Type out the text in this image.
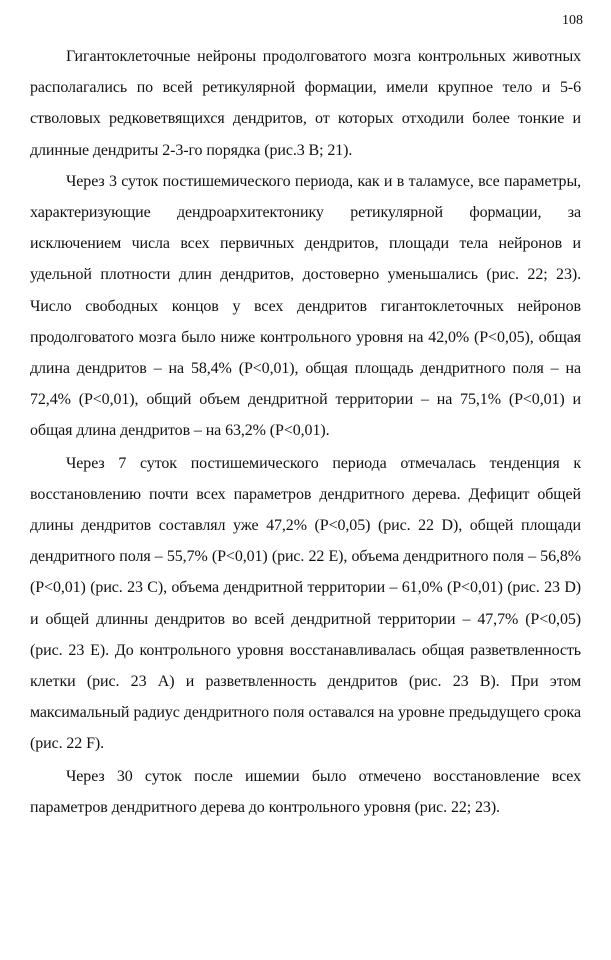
108

Гигантоклеточные нейроны продолговатого мозга контрольных животных располагались по всей ретикулярной формации, имели крупное тело и 5-6 стволовых редковетвящихся дендритов, от которых отходили более тонкие и длинные дендриты 2-3-го порядка (рис.3 В; 21).

Через 3 суток постишемического периода, как и в таламусе, все параметры, характеризующие дендроархитектонику ретикулярной формации, за исключением числа всех первичных дендритов, площади тела нейронов и удельной плотности длин дендритов, достоверно уменьшались (рис. 22; 23). Число свободных концов у всех дендритов гигантоклеточных нейронов продолговатого мозга было ниже контрольного уровня на 42,0% (P<0,05), общая длина дендритов – на 58,4% (P<0,01), общая площадь дендритного поля – на 72,4% (P<0,01), общий объем дендритной территории – на 75,1% (P<0,01) и общая длина дендритов – на 63,2% (P<0,01).

Через 7 суток постишемического периода отмечалась тенденция к восстановлению почти всех параметров дендритного дерева. Дефицит общей длины дендритов составлял уже 47,2% (P<0,05) (рис. 22 D), общей площади дендритного поля – 55,7% (P<0,01) (рис. 22 E), объема дендритного поля – 56,8% (P<0,01) (рис. 23 C), объема дендритной территории – 61,0% (P<0,01) (рис. 23 D) и общей длинны дендритов во всей дендритной территории – 47,7% (P<0,05) (рис. 23 E). До контрольного уровня восстанавливалась общая разветвленность клетки (рис. 23 A) и разветвленность дендритов (рис. 23 B). При этом максимальный радиус дендритного поля оставался на уровне предыдущего срока (рис. 22 F).

Через 30 суток после ишемии было отмечено восстановление всех параметров дендритного дерева до контрольного уровня (рис. 22; 23).
